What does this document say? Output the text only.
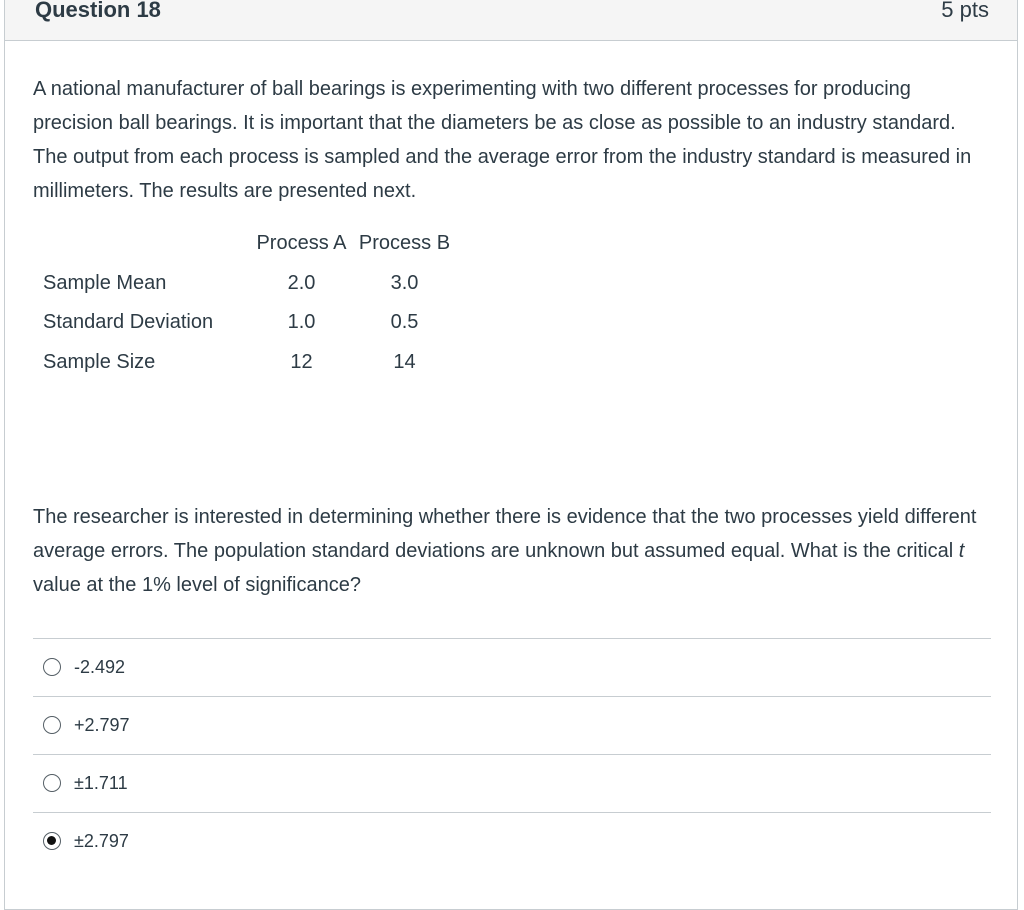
Question 18	5 pts

A national manufacturer of ball bearings is experimenting with two different processes for producing precision ball bearings. It is important that the diameters be as close as possible to an industry standard. The output from each process is sampled and the average error from the industry standard is measured in millimeters. The results are presented next.

	Process A	Process B
Sample Mean	2.0	3.0
Standard Deviation	1.0	0.5
Sample Size	12	14

The researcher is interested in determining whether there is evidence that the two processes yield different average errors. The population standard deviations are unknown but assumed equal. What is the critical t value at the 1% level of significance?

-2.492
+2.797
±1.711
±2.797
